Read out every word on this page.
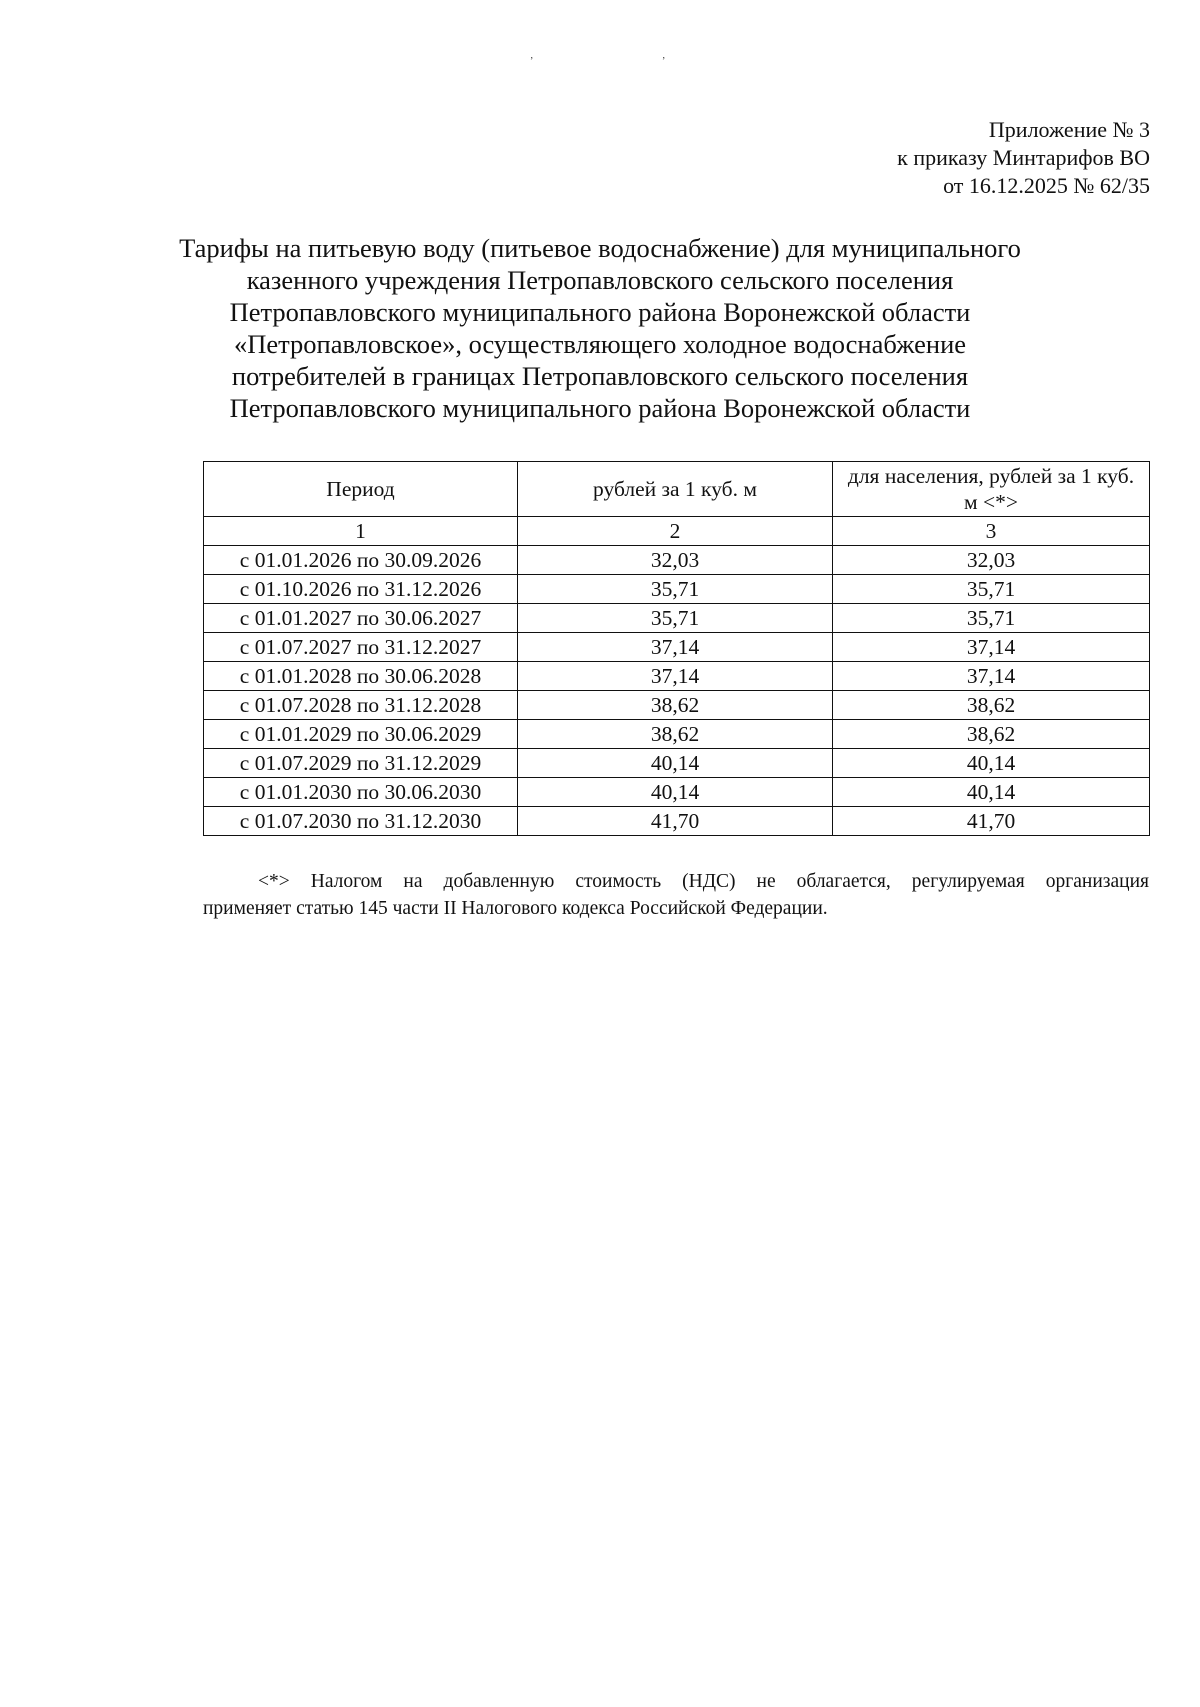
’	’
Приложение № 3
к приказу Минтарифов ВО
от 16.12.2025 № 62/35
Тарифы на питьевую воду (питьевое водоснабжение) для муниципального
казенного учреждения Петропавловского сельского поселения
Петропавловского муниципального района Воронежской области
«Петропавловское», осуществляющего холодное водоснабжение
потребителей в границах Петропавловского сельского поселения
Петропавловского муниципального района Воронежской области
Период	рублей за 1 куб. м	для населения, рублей за 1 куб. м <*>
1	2	3
с 01.01.2026 по 30.09.2026	32,03	32,03
с 01.10.2026 по 31.12.2026	35,71	35,71
с 01.01.2027 по 30.06.2027	35,71	35,71
с 01.07.2027 по 31.12.2027	37,14	37,14
с 01.01.2028 по 30.06.2028	37,14	37,14
с 01.07.2028 по 31.12.2028	38,62	38,62
с 01.01.2029 по 30.06.2029	38,62	38,62
с 01.07.2029 по 31.12.2029	40,14	40,14
с 01.01.2030 по 30.06.2030	40,14	40,14
с 01.07.2030 по 31.12.2030	41,70	41,70
<*> Налогом на добавленную стоимость (НДС) не облагается, регулируемая организация
применяет статью 145 части II Налогового кодекса Российской Федерации.
